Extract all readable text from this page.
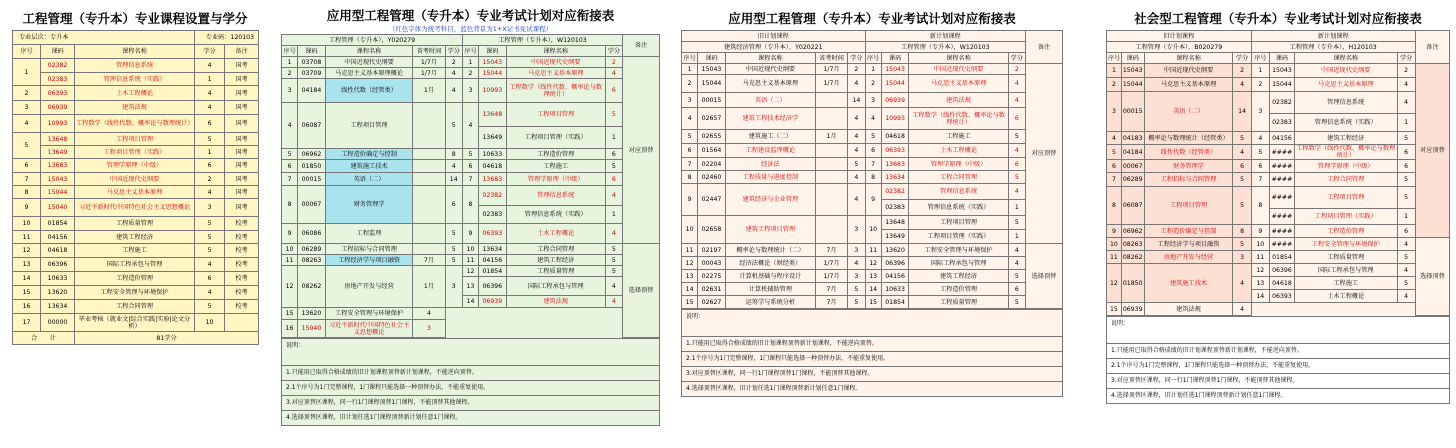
工程管理（专升本）专业课程设置与学分
专业层次：专升本			专业码：120103	
序号	课码	课程名称	学分	备注
1	02382	管理信息系统	4	国考
	02383	管理信息系统（实践）	1	国考
2	06393	土木工程概论	4	国考
3	06939	建筑法规	4	国考
4	10993	工程数学（线性代数、概率论与数理统计）	6	国考
5	13648	工程项目管理	5	国考
	13649	工程项目管理（实践）	1	国考
6	13683	管理学原理（中级）	6	国考
7	15043	中国近现代史纲要	2	国考
8	15044	马克思主义基本原理	4	国考
9	15040	习近平新时代中国特色社会主义思想概论	3	国考
10	01854	工程质量管理	5	校考
11	04156	建筑工程经济	5	校考
12	04618	工程施工	5	校考
13	06396	国际工程承包与管理	4	校考
14	10633	工程造价管理	6	校考
15	13620	工程安全管理与环境保护	4	校考
16	13634	工程合同管理	5	校考
17	00000	毕业考核（就业文|综合实践|实验|论文分析）	10	
合　　计		81学分		
应用型工程管理（专升本）专业考试计划对应衔接表
（红色字体为统考科目，蓝色背景为1+X证书免试课程）
工程管理（专升本），Y020279					工程管理（专升本），W120103				备注
序号	课码	课程名称	省考时间	学分	序号	课码	课程名称	学分	
1	03708	中国近现代史纲要	1/7月	2	1	15043	中国近现代史纲要	2	对应顶替
2	03709	马克思主义基本原理概论	1/7月	4	2	15044	马克思主义基本原理	4	
3	04184	线性代数（经管类）	1月	4	3	10993	工程数学（线性代数、概率论与数理统计）	6	
4	06087	工程项目管理		5	4	13648	工程项目管理	5	
						13649	工程项目管理（实践）	1	
5	06962	工程造价确定与控制		8	5	10633	工程造价管理	6	
6	01850	建筑施工技术		4	6	04618	工程施工	5	
7	00015	英语（二）		14	7	13683	管理学原理（中级）	6	
8	00067	财务管理学		6	8	02382	管理信息系统	4	
						02383	管理信息系统（实践）	1	
9	06086	工程监理		5	9	06393	土木工程概论	4	
10	06289	工程招标与合同管理		5	10	13634	工程合同管理	5	选择顶替
11	08263	工程经济学与项目融资	7月	5	11	04156	建筑工程经济	5	
12	08262	房地产开发与经营	1月	3	12	01854	工程质量管理	5	
					13	06396	国际工程承包与管理	4	
					14	06939	建筑法规	4	
15	13620	工程安全管理与环境保护	4						
16	15040	习近平新时代中国特色社会主义思想概论	3						
说明：
1.只能用已取得合格成绩的旧计划课程顶替新计划课程，不能逆向顶替。
2.1个序号为1门完整课程，1门课程只能选择一种顶替办法，不能重复使用。
3.对应顶替区课程，同一行1门课程顶替1门课程，不能顶替其他课程。
4.选择顶替区课程，旧计划任选1门课程顶替新计划任意1门课程。
应用型工程管理（专升本）专业考试计划对应衔接表
旧计划课程					新计划课程				备注
建筑经济管理（专升本），Y020221					工程管理（专升本），W120103				
序号	课码	课程名称	省考时间	学分	序号	课码	课程名称	学分	
1	15043	中国近现代史纲要	1/7月	2	1	15043	中国近现代史纲要	2	对应顶替
2	15044	马克思主义基本原理	1/7月	4	2	15044	马克思主义基本原理	4	
3	00015	英语（二）		14	3	06939	建筑法规	4	
4	02657	建筑工程技术经济学		4	4	10993	工程数学（线性代数、概率论与数理统计）	6	
5	02655	建筑施工（二）	1月	4	5	04618	工程施工	5	
6	01564	工程建设监理概论		4	6	06393	土木工程概论	4	
7	02204	经济法		5	7	13683	管理学原理（中级）	6	
8	02460	工程质量与进度控制		4	8	13634	工程合同管理	5	
9	02447	建筑经济与企业管理		4	9	02382	管理信息系统	4	
						02383	管理信息系统（实践）	1	
10	02658	建筑工程项目管理		3	10	13648	工程项目管理	5	
						13649	工程项目管理（实践）	1	
11	02197	概率论与数理统计（二）	7月	3	11	13620	工程安全管理与环境保护	4	选择顶替
12	00043	经济法概论（财经类）	1/7月	4	12	06396	国际工程承包与管理	4	
13	02275	计算机基础与程序设计	1/7月	3	13	04156	建筑工程经济	5	
14	02631	计算机辅助管理	7月	5	14	10633	工程造价管理	6	
15	02627	运筹学与系统分析	7月	5	15	01854	工程质量管理	5	
说明：
1.只能用已取得合格成绩的旧计划课程顶替新计划课程，不能逆向顶替。
2.1个序号为1门完整课程，1门课程只能选择一种顶替办法，不能重复使用。
3.对应顶替区课程，同一行1门课程顶替1门课程，不能顶替其他课程。
4.选择顶替区课程，旧计划任选1门课程顶替新计划任意1门课程。
社会型工程管理（专升本）专业考试计划对应衔接表
旧计划课程				新计划课程				备注
工程管理（专升本），B020279				工程管理（专升本），H120103				
序号	课码	课程名称	学分	序号	课码	课程名称	学分	
1	15043	中国近现代史纲要	2	1	15043	中国近现代史纲要	2	对应顶替
2	15044	马克思主义基本原理	4	2	15044	马克思主义基本原理	4	
3	00015	英语（二）	14	3	02382	管理信息系统	4	
					02383	管理信息系统（实践）	1	
4	04183	概率论与数理统计（经管类）	5	4	04156	建筑工程经济	5	
5	04184	线性代数（经管类）	4	5	####	工程数学（线性代数、概率论与数理统计）	6	
6	00067	财务管理学	6	6	####	管理学原理（中级）	6	
7	06289	工程招标与合同管理	5	7	####	工程合同管理	5	
8	06087	工程项目管理	5	8	####	工程项目管理	5	
					####	工程项目管理（实践）	1	
9	06962	工程造价确定与控制	8	9	####	工程造价管理	6	
10	08263	工程经济学与项目融资	5	10	####	工程安全管理与环境保护	4	选择顶替
11	08262	房地产开发与经营	3	11	01854	工程质量管理	5	
12	01850	建筑施工技术	4	12	06396	国际工程承包与管理	4	
				13	04618	工程施工	5	
				14	06393	土木工程概论	4	
15	06939	建筑法规	4					
说明：
1.只能用已取得合格成绩的旧计划课程顶替新计划课程，不能逆向顶替。
2.1个序号为1门完整课程，1门课程只能选择一种顶替办法，不能重复使用。
3.对应顶替区课程，同一行1门课程顶替1门课程，不能顶替其他课程。
4.选择顶替区课程，旧计划任选1门课程顶替新计划任意1门课程。
